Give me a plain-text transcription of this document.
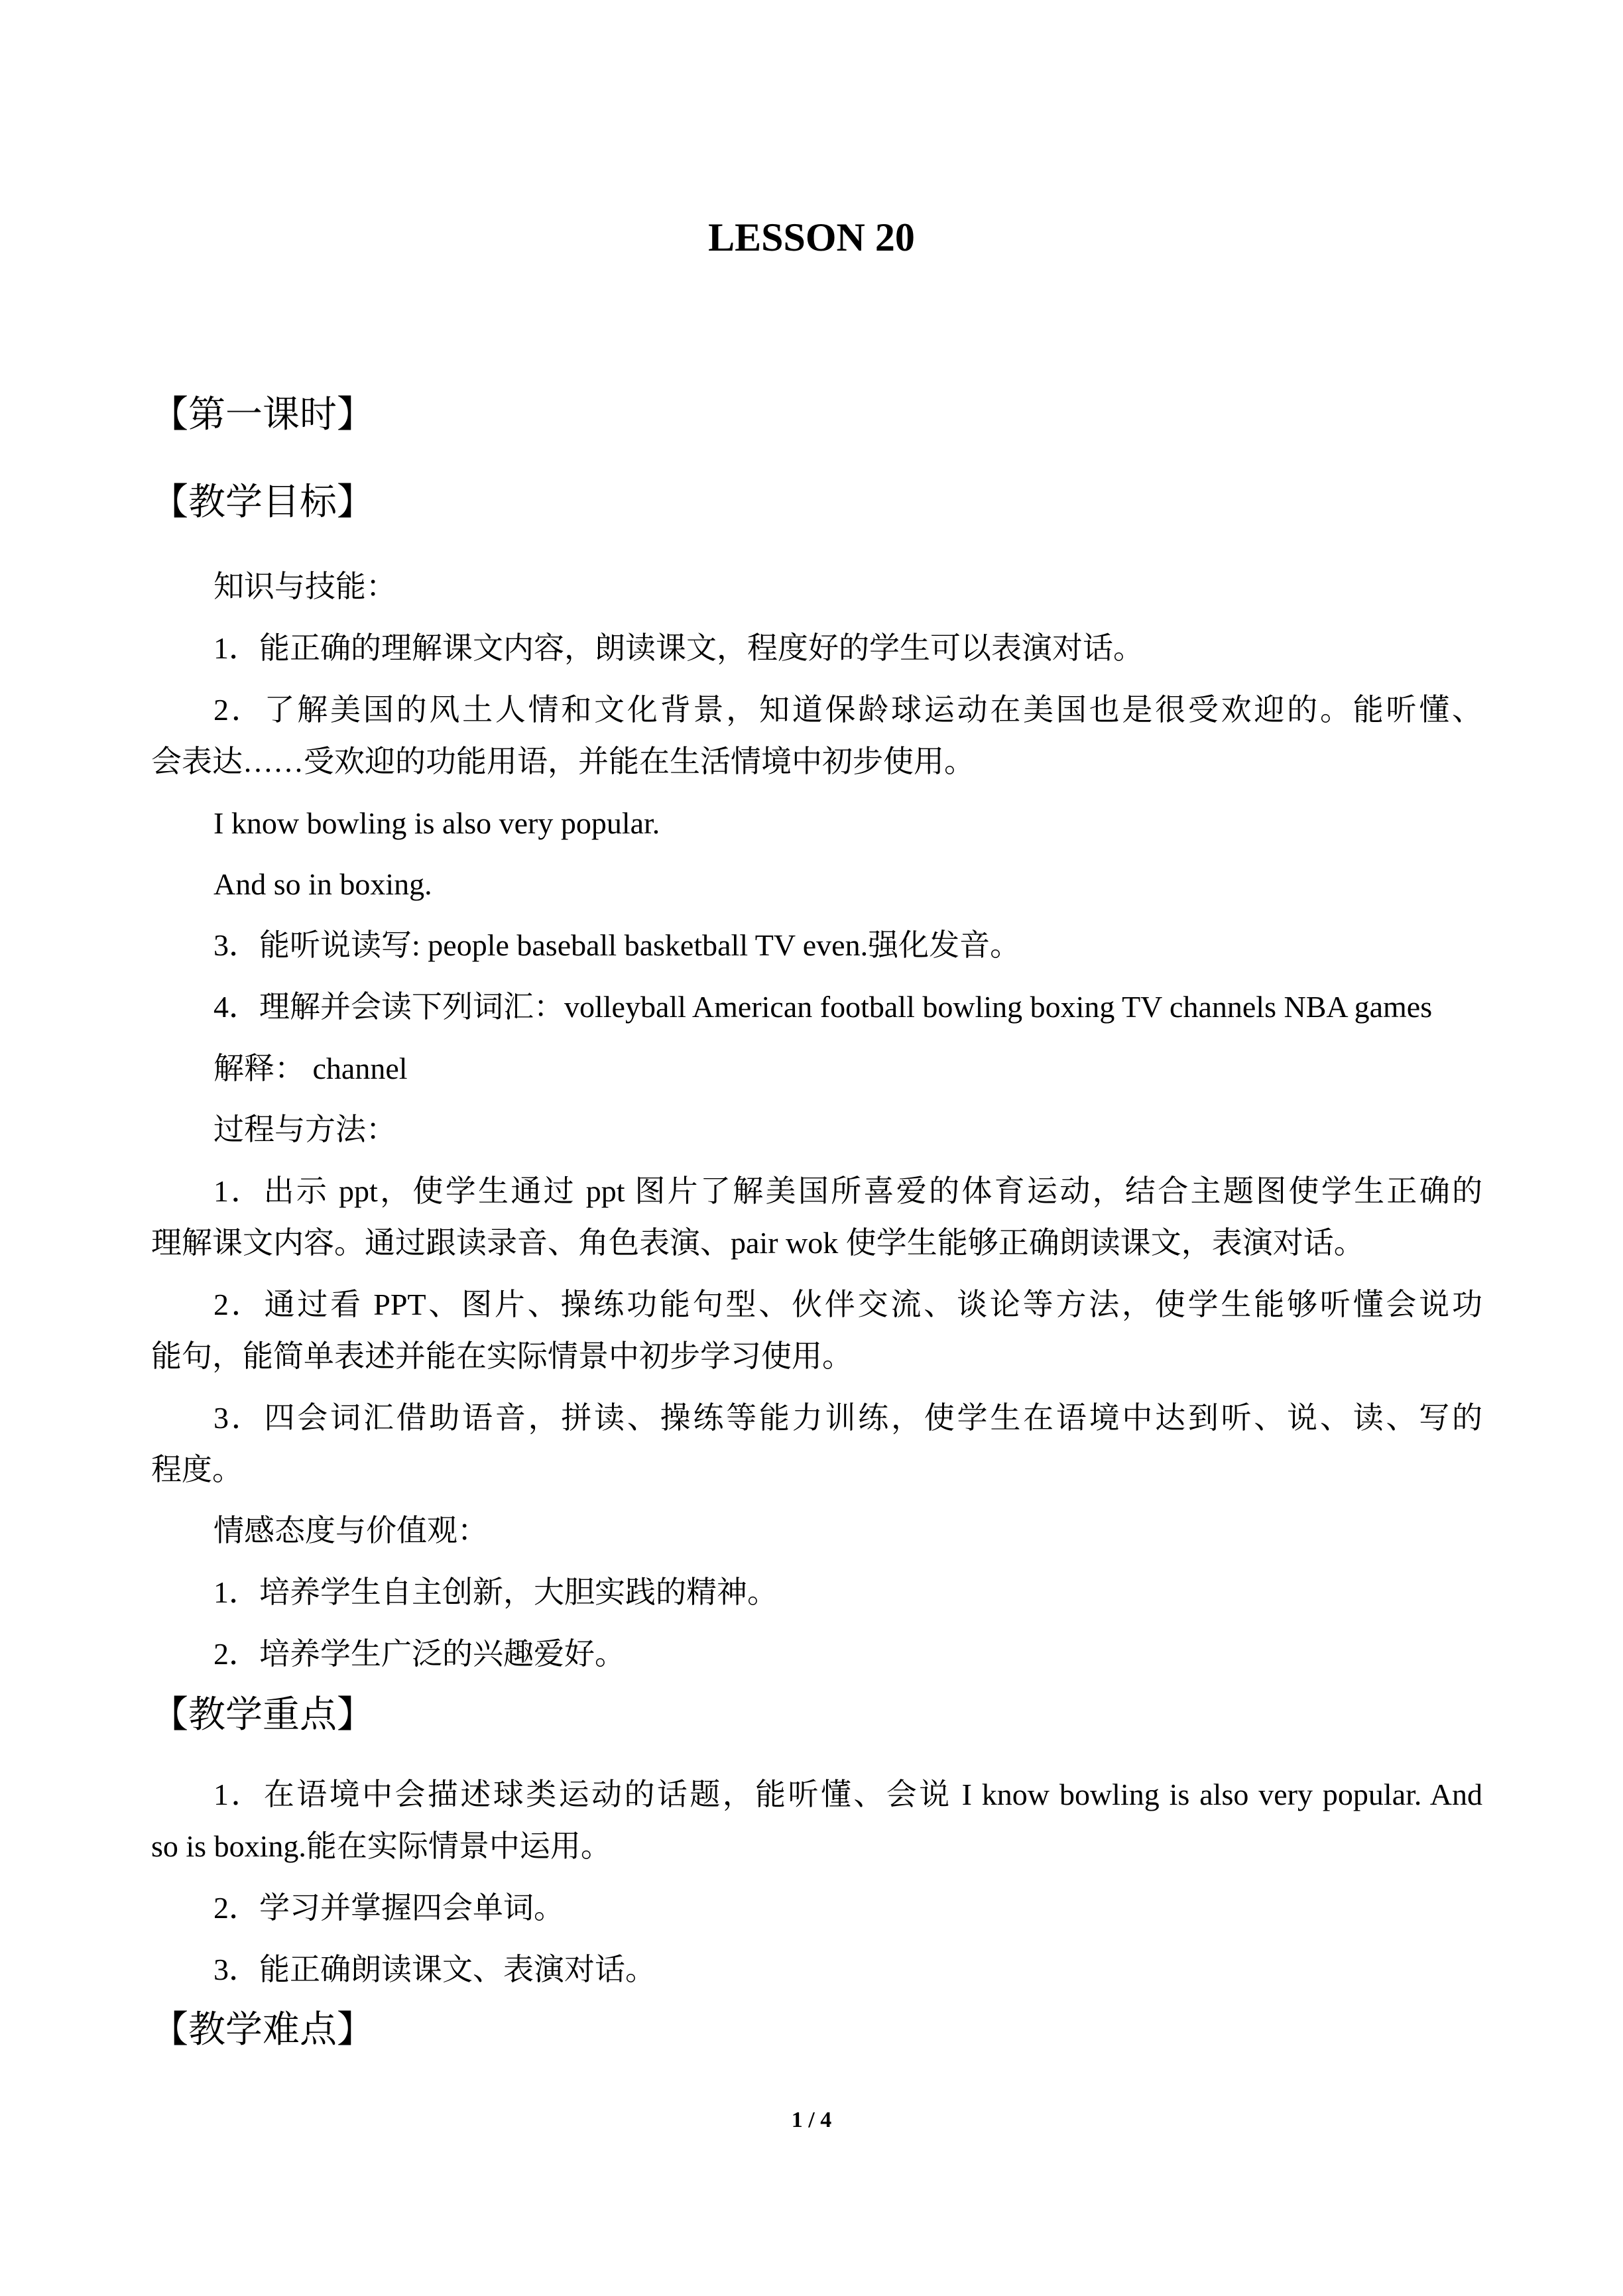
LESSON 20
【第一课时】
【教学目标】
知识与技能：
1．能正确的理解课文内容，朗读课文，程度好的学生可以表演对话。
2．了解美国的风土人情和文化背景，知道保龄球运动在美国也是很受欢迎的。能听懂、
会表达……受欢迎的功能用语，并能在生活情境中初步使用。
I know bowling is also very popular.
And so in boxing.
3．能听说读写: people baseball basketball TV even.强化发音。
4．理解并会读下列词汇：volleyball American football bowling boxing TV channels NBA games
解释： channel
过程与方法：
1．出示 ppt，使学生通过 ppt 图片了解美国所喜爱的体育运动，结合主题图使学生正确的
理解课文内容。通过跟读录音、角色表演、pair wok 使学生能够正确朗读课文，表演对话。
2．通过看 PPT、图片、操练功能句型、伙伴交流、谈论等方法，使学生能够听懂会说功
能句，能简单表述并能在实际情景中初步学习使用。
3．四会词汇借助语音，拼读、操练等能力训练，使学生在语境中达到听、说、读、写的
程度。
情感态度与价值观：
1．培养学生自主创新，大胆实践的精神。
2．培养学生广泛的兴趣爱好。
【教学重点】
1．在语境中会描述球类运动的话题，能听懂、会说 I know bowling is also very popular. And
so is boxing.能在实际情景中运用。
2．学习并掌握四会单词。
3．能正确朗读课文、表演对话。
【教学难点】
1 / 4
